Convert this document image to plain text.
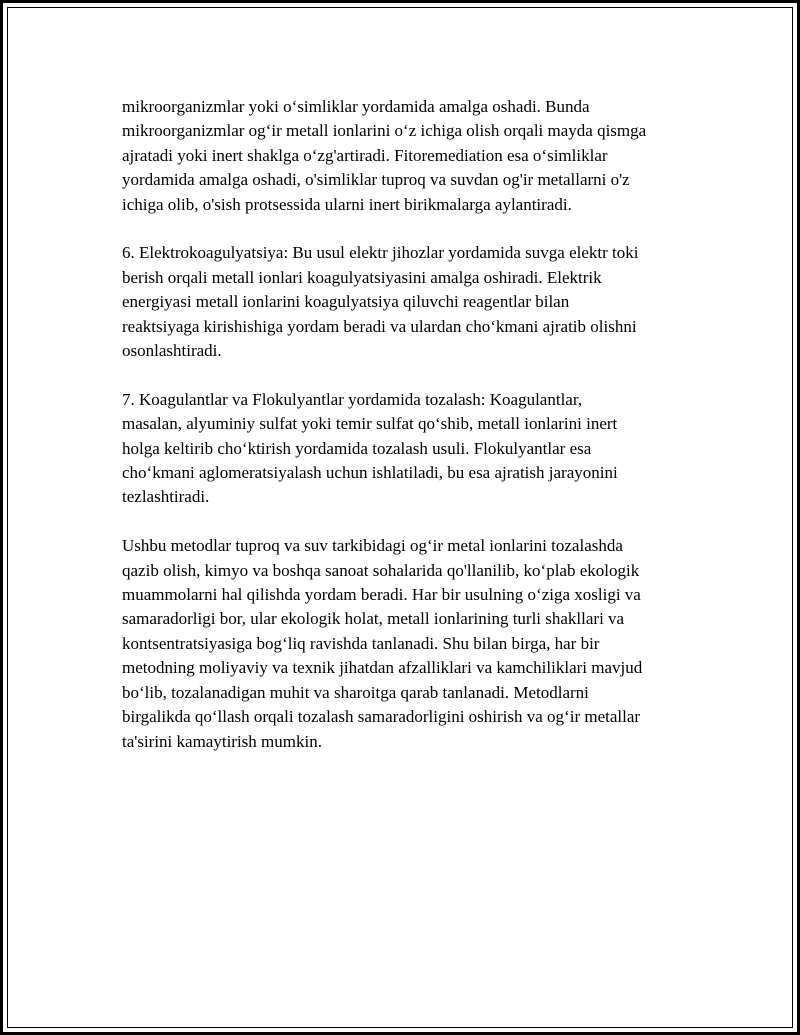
mikroorganizmlar yoki o‘simliklar yordamida amalga oshadi. Bunda
mikroorganizmlar og‘ir metall ionlarini o‘z ichiga olish orqali mayda qismga
ajratadi yoki inert shaklga o‘zg'artiradi. Fitoremediation esa o‘simliklar
yordamida amalga oshadi, o'simliklar tuproq va suvdan og'ir metallarni o'z
ichiga olib, o'sish protsessida ularni inert birikmalarga aylantiradi.

6. Elektrokoagulyatsiya: Bu usul elektr jihozlar yordamida suvga elektr toki
berish orqali metall ionlari koagulyatsiyasini amalga oshiradi. Elektrik
energiyasi metall ionlarini koagulyatsiya qiluvchi reagentlar bilan
reaktsiyaga kirishishiga yordam beradi va ulardan cho‘kmani ajratib olishni
osonlashtiradi.

7. Koagulantlar va Flokulyantlar yordamida tozalash: Koagulantlar,
masalan, alyuminiy sulfat yoki temir sulfat qo‘shib, metall ionlarini inert
holga keltirib cho‘ktirish yordamida tozalash usuli. Flokulyantlar esa
cho‘kmani aglomeratsiyalash uchun ishlatiladi, bu esa ajratish jarayonini
tezlashtiradi.

Ushbu metodlar tuproq va suv tarkibidagi og‘ir metal ionlarini tozalashda
qazib olish, kimyo va boshqa sanoat sohalarida qo'llanilib, ko‘plab ekologik
muammolarni hal qilishda yordam beradi. Har bir usulning o‘ziga xosligi va
samaradorligi bor, ular ekologik holat, metall ionlarining turli shakllari va
kontsentratsiyasiga bog‘liq ravishda tanlanadi. Shu bilan birga, har bir
metodning moliyaviy va texnik jihatdan afzalliklari va kamchiliklari mavjud
bo‘lib, tozalanadigan muhit va sharoitga qarab tanlanadi. Metodlarni
birgalikda qo‘llash orqali tozalash samaradorligini oshirish va og‘ir metallar
ta'sirini kamaytirish mumkin.
